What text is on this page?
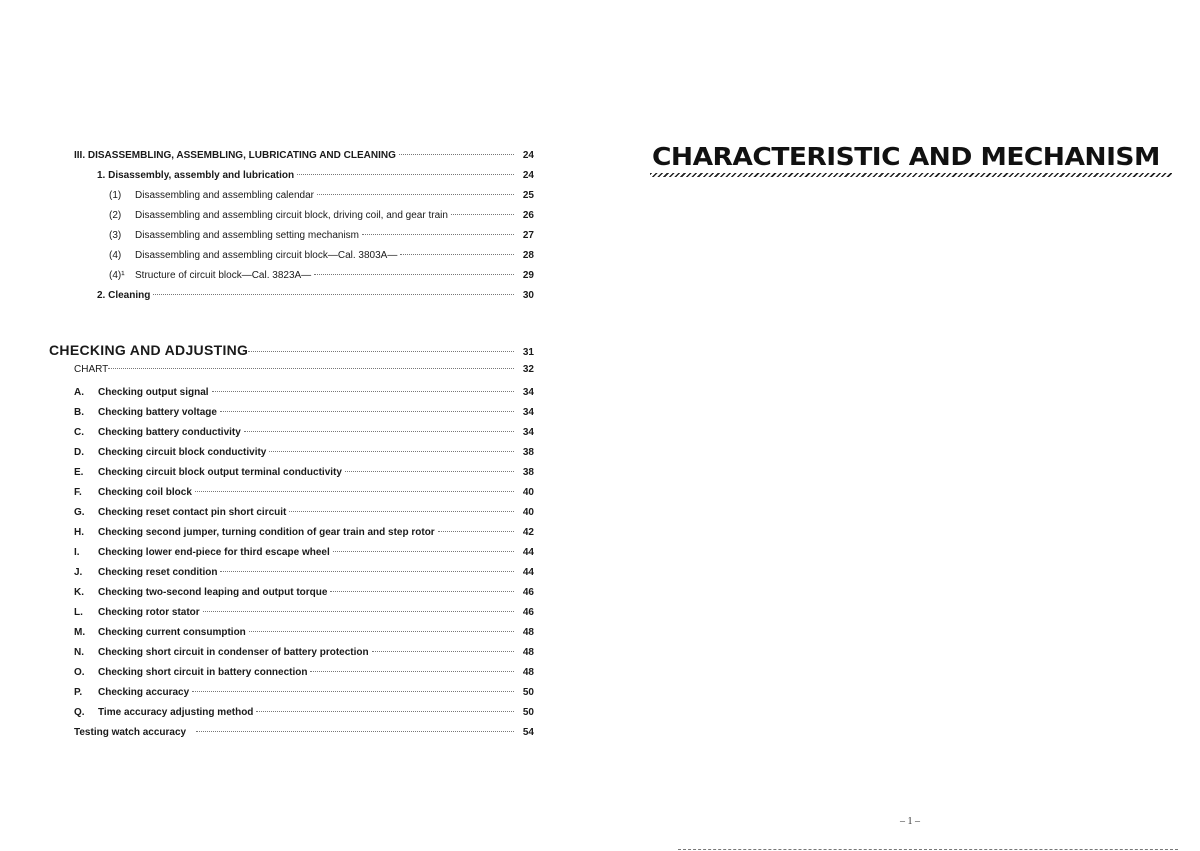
III. DISASSEMBLING, ASSEMBLING, LUBRICATING AND CLEANING	24
1. Disassembly, assembly and lubrication	24
(1) Disassembling and assembling calendar	25
(2) Disassembling and assembling circuit block, driving coil, and gear train	26
(3) Disassembling and assembling setting mechanism	27
(4) Disassembling and assembling circuit block—Cal. 3803A—	28
(4)¹ Structure of circuit block—Cal. 3823A—	29
2. Cleaning	30
CHECKING AND ADJUSTING	31
CHART	32
A. Checking output signal	34
B. Checking battery voltage	34
C. Checking battery conductivity	34
D. Checking circuit block conductivity	38
E. Checking circuit block output terminal conductivity	38
F. Checking coil block	40
G. Checking reset contact pin short circuit	40
H. Checking second jumper, turning condition of gear train and step rotor	42
I. Checking lower end-piece for third escape wheel	44
J. Checking reset condition	44
K. Checking two-second leaping and output torque	46
L. Checking rotor stator	46
M. Checking current consumption	48
N. Checking short circuit in condenser of battery protection	48
O. Checking short circuit in battery connection	48
P. Checking accuracy	50
Q. Time accuracy adjusting method	50
Testing watch accuracy	54
CHARACTERISTIC AND MECHANISM
– 1 –
